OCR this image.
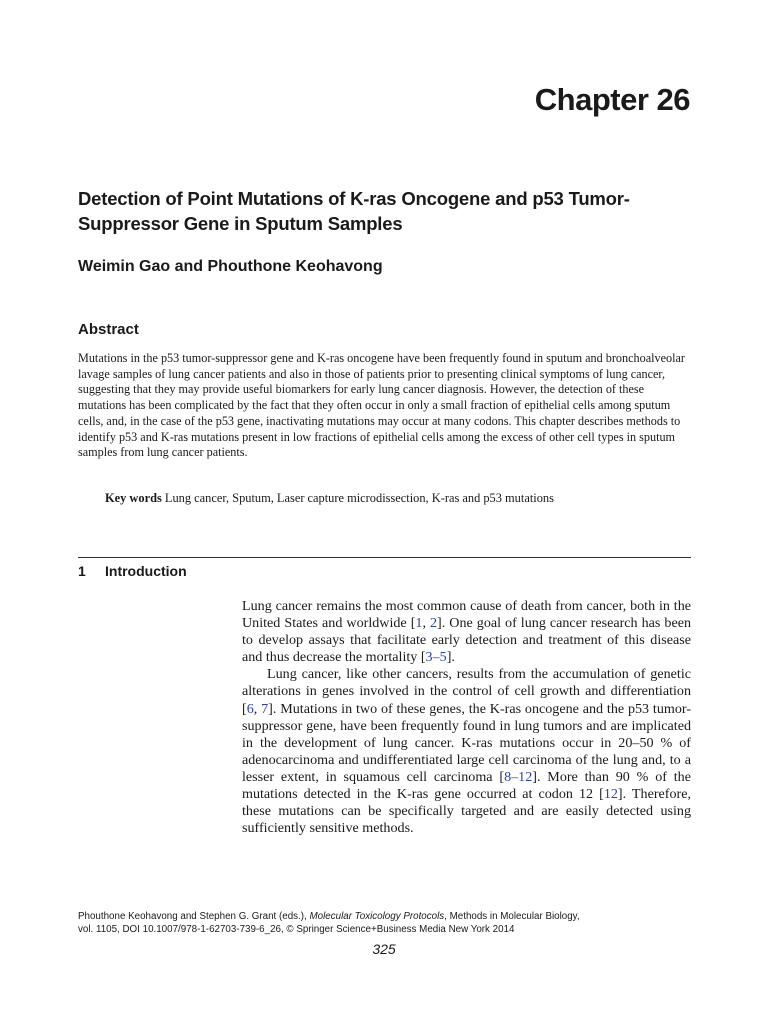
Chapter 26
Detection of Point Mutations of K-ras Oncogene and p53 Tumor-Suppressor Gene in Sputum Samples
Weimin Gao and Phouthone Keohavong
Abstract
Mutations in the p53 tumor-suppressor gene and K-ras oncogene have been frequently found in sputum and bronchoalveolar lavage samples of lung cancer patients and also in those of patients prior to presenting clinical symptoms of lung cancer, suggesting that they may provide useful biomarkers for early lung cancer diagnosis. However, the detection of these mutations has been complicated by the fact that they often occur in only a small fraction of epithelial cells among sputum cells, and, in the case of the p53 gene, inactivating mutations may occur at many codons. This chapter describes methods to identify p53 and K-ras mutations present in low fractions of epithelial cells among the excess of other cell types in sputum samples from lung cancer patients.
Key words Lung cancer, Sputum, Laser capture microdissection, K-ras and p53 mutations
1 Introduction

Lung cancer remains the most common cause of death from cancer, both in the United States and worldwide [1, 2]. One goal of lung cancer research has been to develop assays that facilitate early detection and treatment of this disease and thus decrease the mortality [3–5].

Lung cancer, like other cancers, results from the accumulation of genetic alterations in genes involved in the control of cell growth and differentiation [6, 7]. Mutations in two of these genes, the K-ras oncogene and the p53 tumor-suppressor gene, have been frequently found in lung tumors and are implicated in the development of lung cancer. K-ras mutations occur in 20–50 % of adenocarcinoma and undifferentiated large cell carcinoma of the lung and, to a lesser extent, in squamous cell carcinoma [8–12]. More than 90 % of the mutations detected in the K-ras gene occurred at codon 12 [12]. Therefore, these mutations can be specifically targeted and are easily detected using sufficiently sensitive methods.

Phouthone Keohavong and Stephen G. Grant (eds.), Molecular Toxicology Protocols, Methods in Molecular Biology,
vol. 1105, DOI 10.1007/978-1-62703-739-6_26, © Springer Science+Business Media New York 2014
325
